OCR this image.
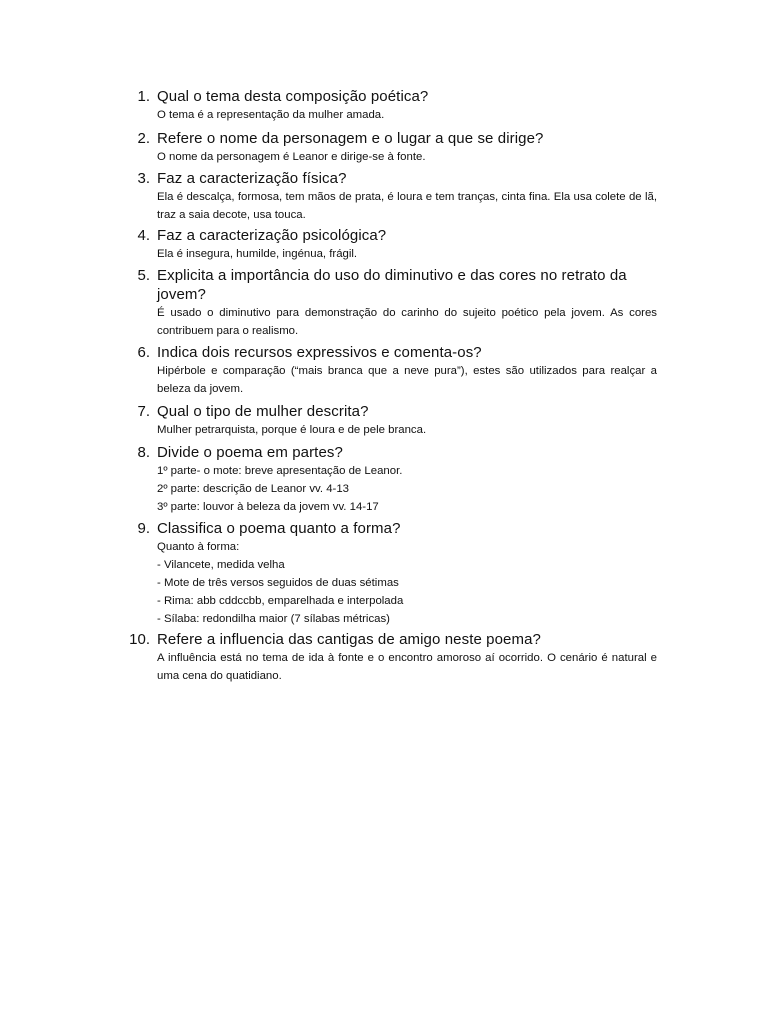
1. Qual o tema desta composição poética?
O tema é a representação da mulher amada.
2. Refere o nome da personagem e o lugar a que se dirige?
O nome da personagem é Leanor e dirige-se à fonte.
3. Faz a caracterização física?
Ela é descalça, formosa, tem mãos de prata, é loura e tem tranças, cinta fina. Ela usa colete de lã, traz a saia decote, usa touca.
4. Faz a caracterização psicológica?
Ela é insegura, humilde, ingénua, frágil.
5. Explicita a importância do uso do diminutivo e das cores no retrato da jovem?
É usado o diminutivo para demonstração do carinho do sujeito poético pela jovem. As cores contribuem para o realismo.
6. Indica dois recursos expressivos e comenta-os?
Hipérbole e comparação (“mais branca que a neve pura”), estes são utilizados para realçar a beleza da jovem.
7. Qual o tipo de mulher descrita?
Mulher petrarquista, porque é loura e de pele branca.
8. Divide o poema em partes?
1º parte- o mote: breve apresentação de Leanor.
2º parte: descrição de Leanor vv. 4-13
3º parte: louvor à beleza da jovem vv. 14-17
9. Classifica o poema quanto a forma?
Quanto à forma:
- Vilancete, medida velha
- Mote de três versos seguidos de duas sétimas
- Rima: abb cddccbb, emparelhada e interpolada
- Sílaba: redondilha maior (7 sílabas métricas)
10. Refere a influencia das cantigas de amigo neste poema?
A influência está no tema de ida à fonte e o encontro amoroso aí ocorrido. O cenário é natural e uma cena do quatidiano.
